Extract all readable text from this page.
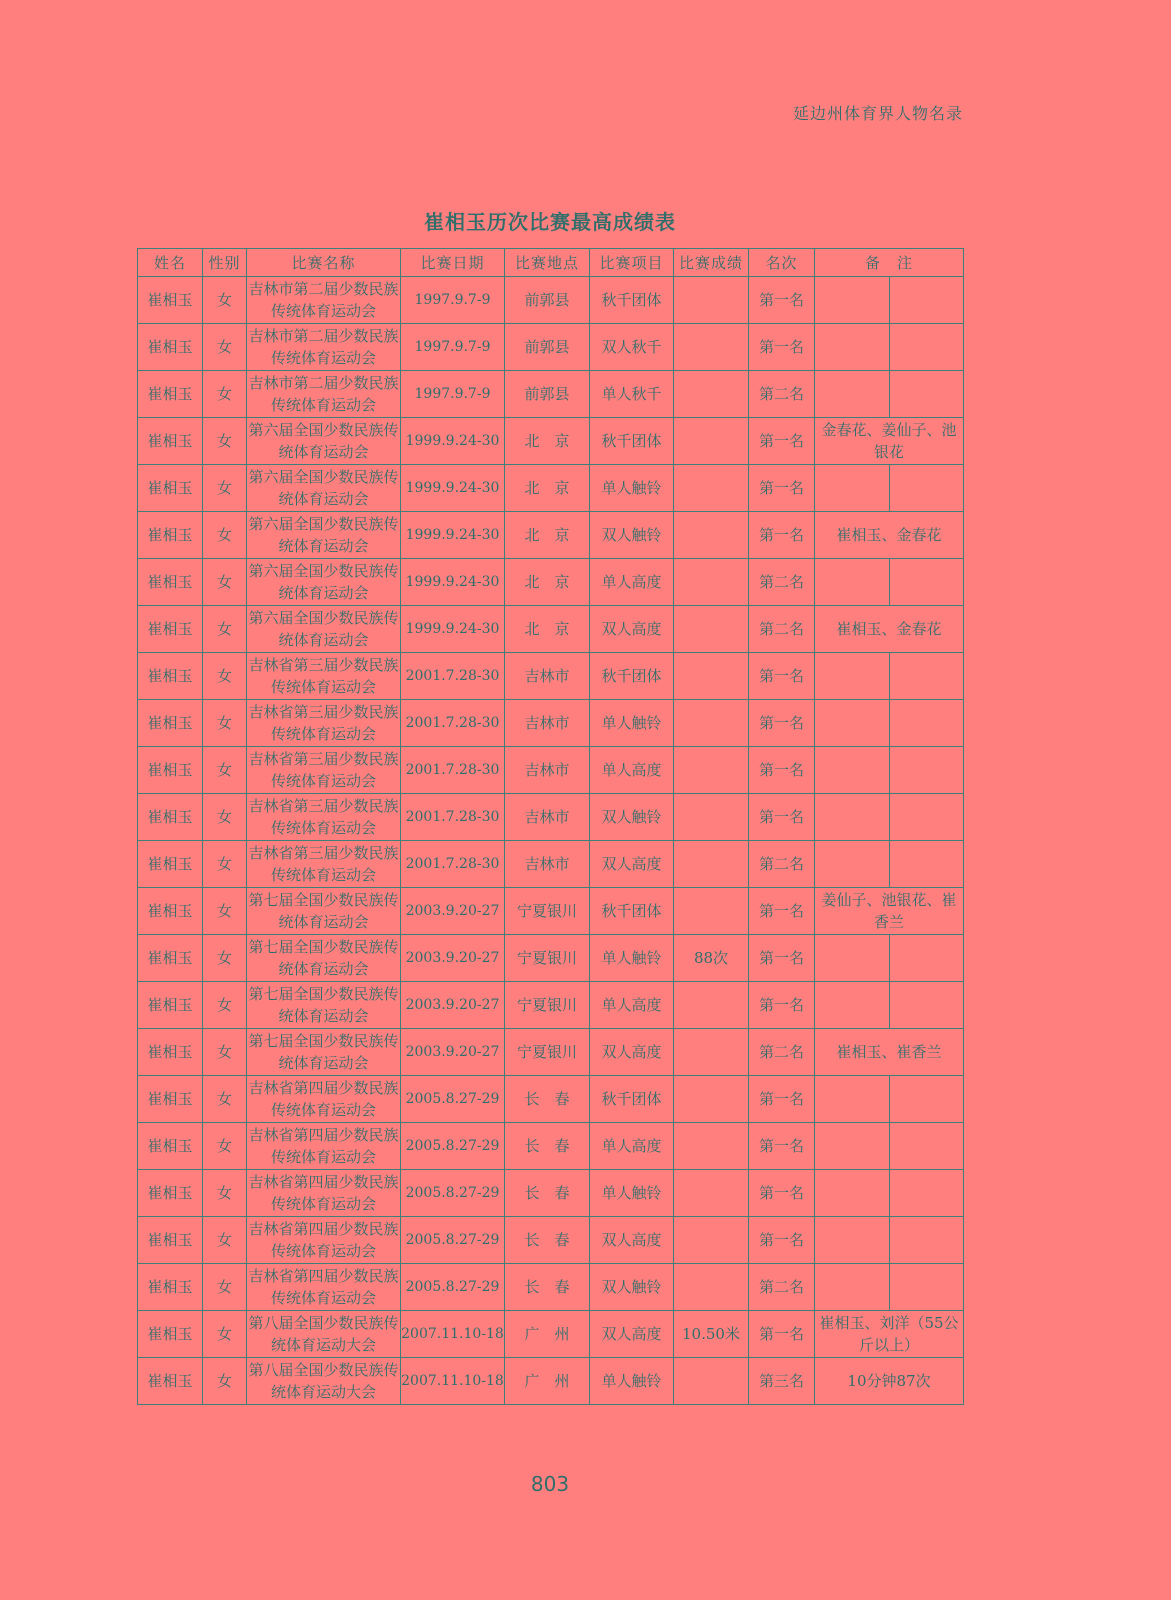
延边州体育界人物名录
崔相玉历次比赛最高成绩表
姓名	性别	比赛名称	比赛日期	比赛地点	比赛项目	比赛成绩	名次	备　注
崔相玉	女	吉林市第二届少数民族传统体育运动会	1997.9.7-9	前郭县	秋千团体		第一名	

崔相玉	女	吉林市第二届少数民族传统体育运动会	1997.9.7-9	前郭县	双人秋千		第一名	

崔相玉	女	吉林市第二届少数民族传统体育运动会	1997.9.7-9	前郭县	单人秋千		第二名	

崔相玉	女	第六届全国少数民族传统体育运动会	1999.9.24-30	北　京	秋千团体		第一名	金春花、姜仙子、池银花
崔相玉	女	第六届全国少数民族传统体育运动会	1999.9.24-30	北　京	单人触铃		第一名	

崔相玉	女	第六届全国少数民族传统体育运动会	1999.9.24-30	北　京	双人触铃		第一名	崔相玉、金春花
崔相玉	女	第六届全国少数民族传统体育运动会	1999.9.24-30	北　京	单人高度		第二名	

崔相玉	女	第六届全国少数民族传统体育运动会	1999.9.24-30	北　京	双人高度		第二名	崔相玉、金春花
崔相玉	女	吉林省第三届少数民族传统体育运动会	2001.7.28-30	吉林市	秋千团体		第一名	

崔相玉	女	吉林省第三届少数民族传统体育运动会	2001.7.28-30	吉林市	单人触铃		第一名	

崔相玉	女	吉林省第三届少数民族传统体育运动会	2001.7.28-30	吉林市	单人高度		第一名	

崔相玉	女	吉林省第三届少数民族传统体育运动会	2001.7.28-30	吉林市	双人触铃		第一名	

崔相玉	女	吉林省第三届少数民族传统体育运动会	2001.7.28-30	吉林市	双人高度		第二名	

崔相玉	女	第七届全国少数民族传统体育运动会	2003.9.20-27	宁夏银川	秋千团体		第一名	姜仙子、池银花、崔香兰
崔相玉	女	第七届全国少数民族传统体育运动会	2003.9.20-27	宁夏银川	单人触铃	88次	第一名	

崔相玉	女	第七届全国少数民族传统体育运动会	2003.9.20-27	宁夏银川	单人高度		第一名	

崔相玉	女	第七届全国少数民族传统体育运动会	2003.9.20-27	宁夏银川	双人高度		第二名	崔相玉、崔香兰
崔相玉	女	吉林省第四届少数民族传统体育运动会	2005.8.27-29	长　春	秋千团体		第一名	

崔相玉	女	吉林省第四届少数民族传统体育运动会	2005.8.27-29	长　春	单人高度		第一名	

崔相玉	女	吉林省第四届少数民族传统体育运动会	2005.8.27-29	长　春	单人触铃		第一名	

崔相玉	女	吉林省第四届少数民族传统体育运动会	2005.8.27-29	长　春	双人高度		第一名	

崔相玉	女	吉林省第四届少数民族传统体育运动会	2005.8.27-29	长　春	双人触铃		第二名	

崔相玉	女	第八届全国少数民族传统体育运动大会	2007.11.10-18	广　州	双人高度	10.50米	第一名	崔相玉、刘洋（55公斤以上）
崔相玉	女	第八届全国少数民族传统体育运动大会	2007.11.10-18	广　州	单人触铃		第三名	10分钟87次
803
